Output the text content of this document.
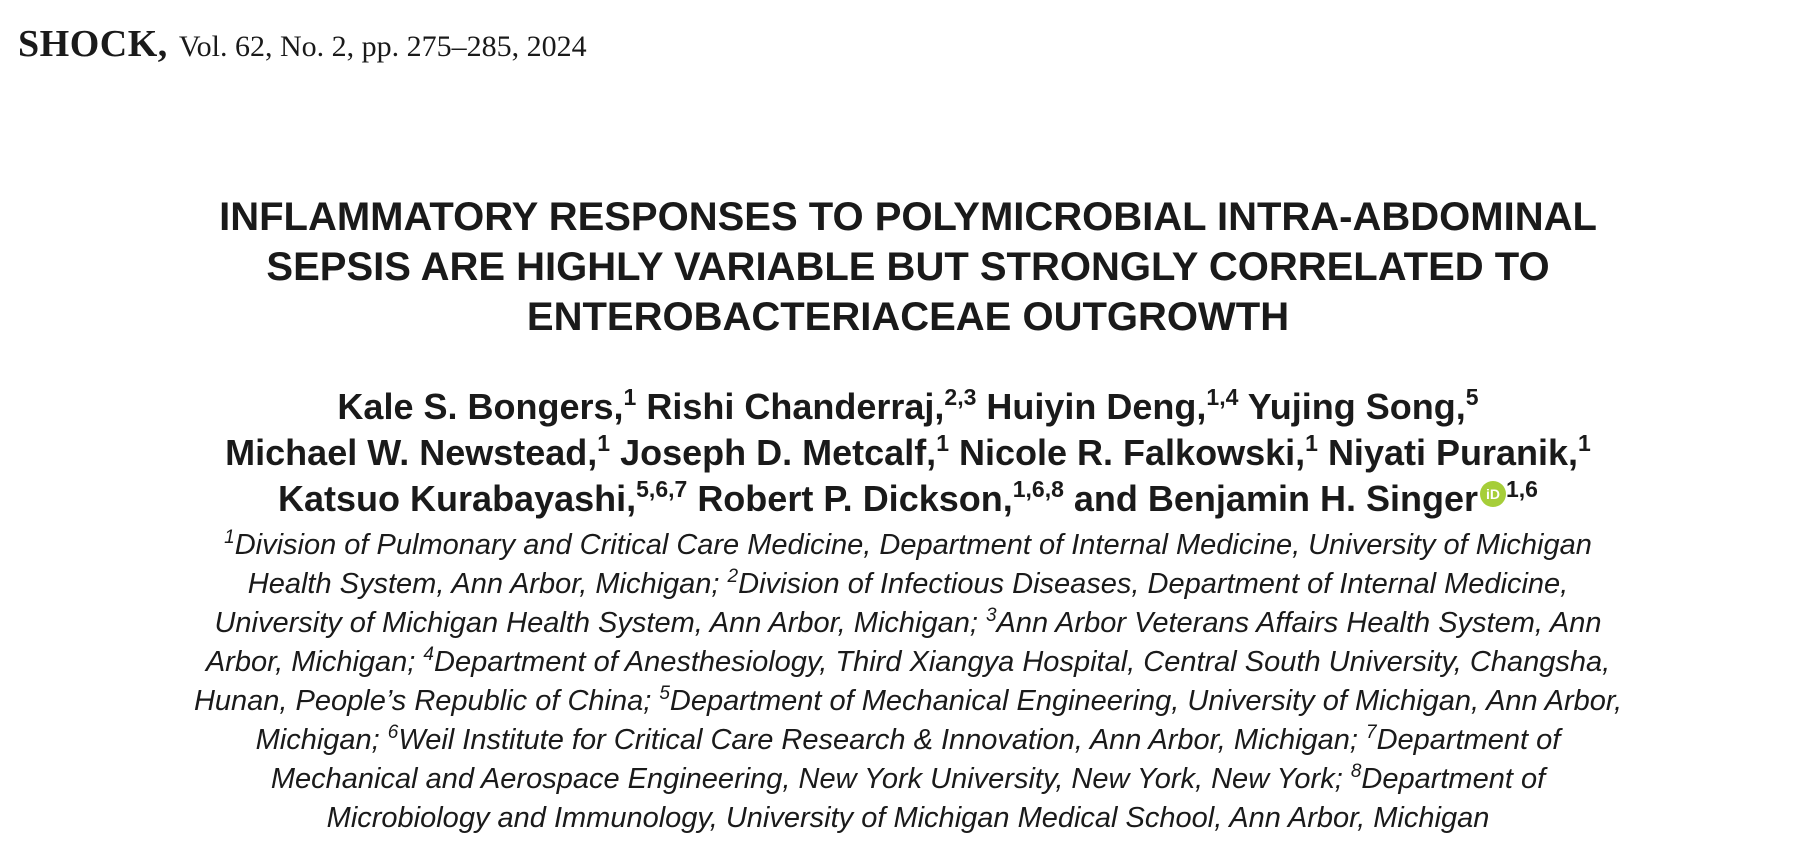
SHOCK, Vol. 62, No. 2, pp. 275–285, 2024
INFLAMMATORY RESPONSES TO POLYMICROBIAL INTRA-ABDOMINAL
SEPSIS ARE HIGHLY VARIABLE BUT STRONGLY CORRELATED TO
ENTEROBACTERIACEAE OUTGROWTH
Kale S. Bongers,$^1$ Rishi Chanderraj,$^{2,3}$ Huiyin Deng,$^{1,4}$ Yujing Song,$^5$
Michael W. Newstead,$^1$ Joseph D. Metcalf,$^1$ Nicole R. Falkowski,$^1$ Niyati Puranik,$^1$
Katsuo Kurabayashi,$^{5,6,7}$ Robert P. Dickson,$^{1,6,8}$ and Benjamin H. Singer iD $^{1,6}$
$^1$Division of Pulmonary and Critical Care Medicine, Department of Internal Medicine, University of Michigan
Health System, Ann Arbor, Michigan; $^2$Division of Infectious Diseases, Department of Internal Medicine,
University of Michigan Health System, Ann Arbor, Michigan; $^3$Ann Arbor Veterans Affairs Health System, Ann
Arbor, Michigan; $^4$Department of Anesthesiology, Third Xiangya Hospital, Central South University, Changsha,
Hunan, People’s Republic of China; $^5$Department of Mechanical Engineering, University of Michigan, Ann Arbor,
Michigan; $^6$Weil Institute for Critical Care Research & Innovation, Ann Arbor, Michigan; $^7$Department of
Mechanical and Aerospace Engineering, New York University, New York, New York; $^8$Department of
Microbiology and Immunology, University of Michigan Medical School, Ann Arbor, Michigan
